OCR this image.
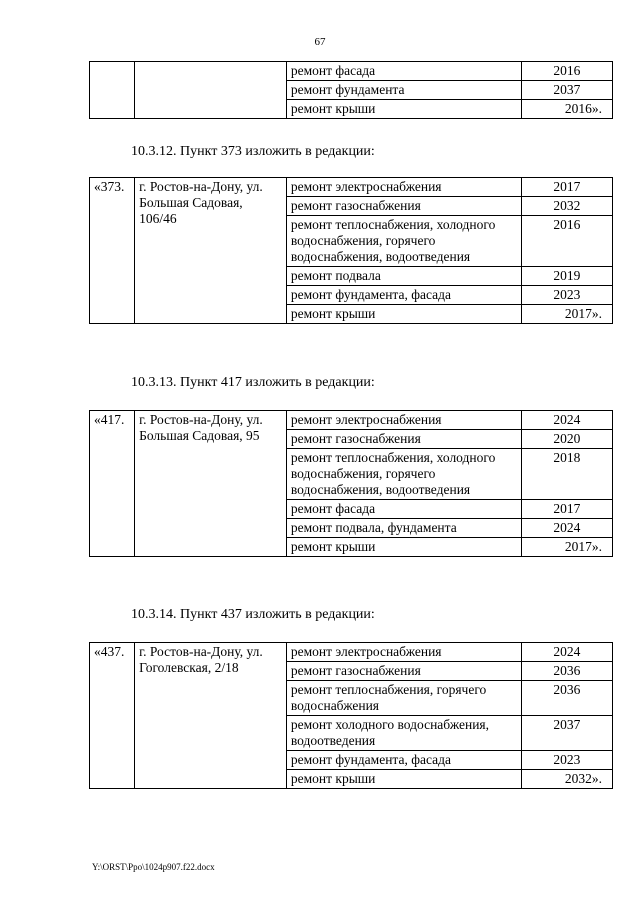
67
		ремонт фасада	2016
		ремонт фундамента	2037
		ремонт крыши	2016».
10.3.12. Пункт 373 изложить в редакции:
«373.	г. Ростов-на-Дону, ул. Большая Садовая, 106/46	ремонт электроснабжения	2017
		ремонт газоснабжения	2032
		ремонт теплоснабжения, холодного водоснабжения, горячего водоснабжения, водоотведения	2016
		ремонт подвала	2019
		ремонт фундамента, фасада	2023
		ремонт крыши	2017».
10.3.13. Пункт 417 изложить в редакции:
«417.	г. Ростов-на-Дону, ул. Большая Садовая, 95	ремонт электроснабжения	2024
		ремонт газоснабжения	2020
		ремонт теплоснабжения, холодного водоснабжения, горячего водоснабжения, водоотведения	2018
		ремонт фасада	2017
		ремонт подвала, фундамента	2024
		ремонт крыши	2017».
10.3.14. Пункт 437 изложить в редакции:
«437.	г. Ростов-на-Дону, ул. Гоголевская, 2/18	ремонт электроснабжения	2024
		ремонт газоснабжения	2036
		ремонт теплоснабжения, горячего водоснабжения	2036
		ремонт холодного водоснабжения, водоотведения	2037
		ремонт фундамента, фасада	2023
		ремонт крыши	2032».
Y:\ORST\Ppo\1024p907.f22.docx
